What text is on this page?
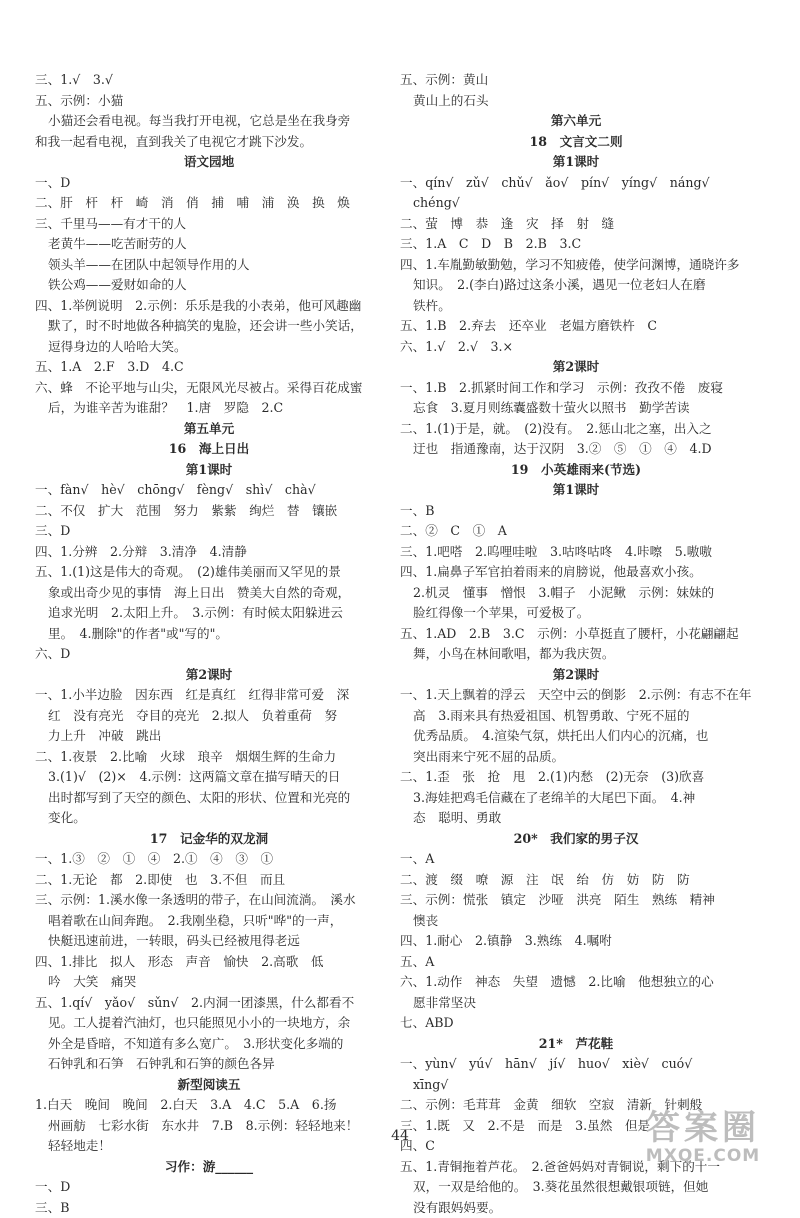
三、1.√　3.√
五、示例：小猫
小猫还会看电视。每当我打开电视，它总是坐在我身旁
和我一起看电视，直到我关了电视它才跳下沙发。
语文园地
一、D
二、肝　杆　杆　崎　消　俏　捕　哺　浦　涣　换　焕
三、千里马——有才干的人
老黄牛——吃苦耐劳的人
领头羊——在团队中起领导作用的人
铁公鸡——爱财如命的人
四、1.举例说明　2.示例：乐乐是我的小表弟，他可风趣幽
默了，时不时地做各种搞笑的鬼脸，还会讲一些小笑话，
逗得身边的人哈哈大笑。
五、1.A　2.F　3.D　4.C
六、蜂　不论平地与山尖，无限风光尽被占。采得百花成蜜
后，为谁辛苦为谁甜？　1.唐　罗隐　2.C
第五单元
16　海上日出
第1课时
一、fàn√　hè√　chōng√　fèng√　shì√　chà√
二、不仅　扩大　范围　努力　紫紫　绚烂　替　镶嵌
三、D
四、1.分辨　2.分辩　3.清净　4.清静
五、1.(1)这是伟大的奇观。　(2)雄伟美丽而又罕见的景
象或出奇少见的事情　海上日出　赞美大自然的奇观，
追求光明　2.太阳上升。　3.示例：有时候太阳躲进云
里。　4.删除"的作者"或"写的"。
六、D
第2课时
一、1.小半边脸　因东西　红是真红　红得非常可爱　深
红　没有亮光　夺目的亮光　2.拟人　负着重荷　努
力上升　冲破　跳出
二、1.夜景　2.比喻　火球　琅辛　烟烟生辉的生命力
3.(1)√　(2)×　4.示例：这两篇文章在描写晴天的日
出时都写到了天空的颜色、太阳的形状、位置和光亮的
变化。
17　记金华的双龙洞
一、1.③　②　①　④　2.①　④　③　①
二、1.无论　都　2.即使　也　3.不但　而且
三、示例：1.溪水像一条透明的带子，在山间流淌。　溪水
唱着歌在山间奔跑。　2.我刚坐稳，只听"哗"的一声，
快艇迅速前进，一转眼，码头已经被甩得老远
四、1.排比　拟人　形态　声音　愉快　2.高歌　低
吟　大笑　痛哭
五、1.qí√　yǎo√　sǔn√　2.内洞一团漆黑，什么都看不
见。工人提着汽油灯，也只能照见小小的一块地方，余
外全是昏暗，不知道有多么宽广。　3.形状变化多端的
石钟乳和石笋　石钟乳和石笋的颜色各异
新型阅读五
1.白天　晚间　晚间　2.白天　3.A　4.C　5.A　6.扬
州画舫　七彩水街　东水井　7.B　8.示例：轻轻地来！
轻轻地走！
习作：游______
一、D
三、B
五、示例：黄山
黄山上的石头
第六单元
18　文言文二则
第1课时
一、qín√　zǔ√　chǔ√　ǎo√　pín√　yíng√　náng√
chéng√
二、萤　博　恭　逢　灾　择　射　缝
三、1.A　C　D　B　2.B　3.C
四、1.车胤勤敏勤勉，学习不知疲倦，使学问渊博，通晓许多
知识。　2.(李白)路过这条小溪，遇见一位老妇人在磨
铁杵。
五、1.B　2.弃去　还卒业　老媪方磨铁杵　C
六、1.√　2.√　3.×
第2课时
一、1.B　2.抓紧时间工作和学习　示例：孜孜不倦　废寝
忘食　3.夏月则练囊盛数十萤火以照书　勤学苦读
二、1.(1)于是，就。　(2)没有。　2.惩山北之塞，出入之
迂也　指通豫南，达于汉阴　3.②　⑤　①　④　4.D
19　小英雄雨来(节选)
第1课时
一、B
二、②　C　①　A
三、1.吧嗒　2.呜哩哇啦　3.咕咚咕咚　4.咔嚓　5.嗷嗷
四、1.扁鼻子军官拍着雨来的肩膀说，他最喜欢小孩。
2.机灵　懂事　憎恨　3.帽子　小泥鳅　示例：妹妹的
脸红得像一个苹果，可爱极了。
五、1.AD　2.B　3.C　示例：小草挺直了腰杆，小花翩翩起
舞，小鸟在林间歌唱，都为我庆贺。
第2课时
一、1.天上飘着的浮云　天空中云的倒影　2.示例：有志不在年
高　3.雨来具有热爱祖国、机智勇敢、宁死不屈的
优秀品质。　4.渲染气氛，烘托出人们内心的沉痛，也
突出雨来宁死不屈的品质。
二、1.歪　张　抢　甩　2.(1)内愁　(2)无奈　(3)欣喜
3.海娃把鸡毛信藏在了老绵羊的大尾巴下面。　4.神
态　聪明、勇敢
20*　我们家的男子汉
一、A
二、渡　缀　嘹　源　注　氓　绐　仿　妨　防　防
三、示例：慌张　镇定　沙哑　洪亮　陌生　熟练　精神
懊丧
四、1.耐心　2.镇静　3.熟练　4.嘱咐
五、A
六、1.动作　神态　失望　遗憾　2.比喻　他想独立的心
愿非常坚决
七、ABD
21*　芦花鞋
一、yùn√　yú√　hān√　jí√　huo√　xiè√　cuó√
xīng√
二、示例：毛茸茸　金黄　细软　空寂　清新　针刺般
三、1.既　又　2.不是　而是　3.虽然　但是
四、C
五、1.青铜拖着芦花。　2.爸爸妈妈对青铜说，剩下的十一
双，一双是给他的。　3.葵花虽然很想戴银项链，但她
没有跟妈妈要。
44	答案圈
MXQE.COM
